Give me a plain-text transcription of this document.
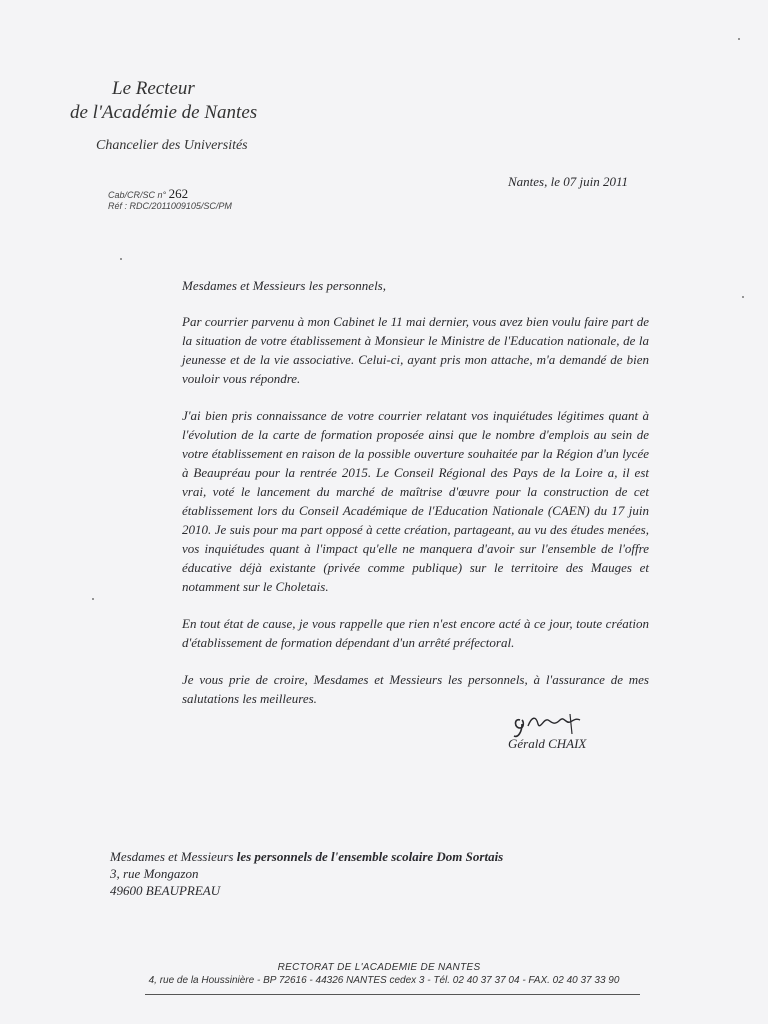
Le Recteur
de l'Académie de Nantes
Chancelier des Universités
Cab/CR/SC n° 262
Réf : RDC/2011009105/SC/PM
Nantes, le 07 juin 2011

Mesdames et Messieurs les personnels,

Par courrier parvenu à mon Cabinet le 11 mai dernier, vous avez bien voulu faire part de la situation de votre établissement à Monsieur le Ministre de l'Education nationale, de la jeunesse et de la vie associative. Celui-ci, ayant pris mon attache, m'a demandé de bien vouloir vous répondre.

J'ai bien pris connaissance de votre courrier relatant vos inquiétudes légitimes quant à l'évolution de la carte de formation proposée ainsi que le nombre d'emplois au sein de votre établissement en raison de la possible ouverture souhaitée par la Région d'un lycée à Beaupréau pour la rentrée 2015. Le Conseil Régional des Pays de la Loire a, il est vrai, voté le lancement du marché de maîtrise d'œuvre pour la construction de cet établissement lors du Conseil Académique de l'Education Nationale (CAEN) du 17 juin 2010. Je suis pour ma part opposé à cette création, partageant, au vu des études menées, vos inquiétudes quant à l'impact qu'elle ne manquera d'avoir sur l'ensemble de l'offre éducative déjà existante (privée comme publique) sur le territoire des Mauges et notamment sur le Choletais.

En tout état de cause, je vous rappelle que rien n'est encore acté à ce jour, toute création d'établissement de formation dépendant d'un arrêté préfectoral.

Je vous prie de croire, Mesdames et Messieurs les personnels, à l'assurance de mes salutations les meilleures.

Gérald CHAIX
Mesdames et Messieurs les personnels de l'ensemble scolaire Dom Sortais
3, rue Mongazon
49600 BEAUPREAU
RECTORAT DE L'ACADEMIE DE NANTES
4, rue de la Houssinière - BP 72616 - 44326 NANTES cedex 3 - Tél. 02 40 37 37 04 - FAX. 02 40 37 33 90
